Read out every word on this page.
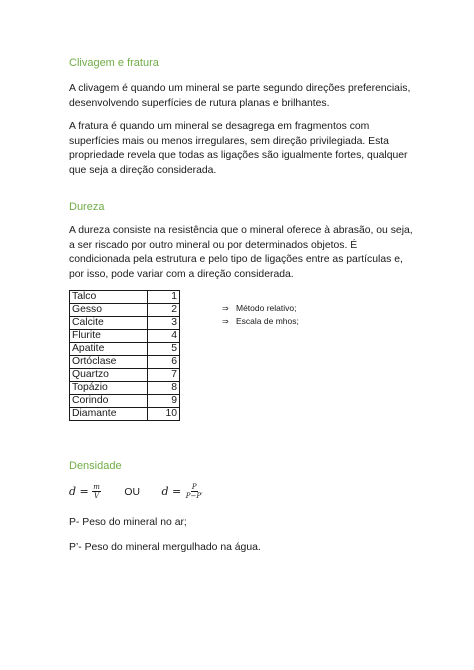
Clivagem e fratura
A clivagem é quando um mineral se parte segundo direções preferenciais,
desenvolvendo superfícies de rutura planas e brilhantes.
A fratura é quando um mineral se desagrega em fragmentos com
superfícies mais ou menos irregulares, sem direção privilegiada. Esta
propriedade revela que todas as ligações são igualmente fortes, qualquer
que seja a direção considerada.
Dureza
A dureza consiste na resistência que o mineral oferece à abrasão, ou seja,
a ser riscado por outro mineral ou por determinados objetos. É
condicionada pela estrutura e pelo tipo de ligações entre as partículas e,
por isso, pode variar com a direção considerada.
Talco	1
Gesso	2
Calcite	3
Flurite	4
Apatite	5
Ortóclase	6
Quartzo	7
Topázio	8
Corindo	9
Diamante	10
⇒ Método relativo;
⇒ Escala de mhos;
Densidade
$d = \frac{m}{V}$ OU $d = \frac{P}{P-P'}$
P- Peso do mineral no ar;
P’- Peso do mineral mergulhado na água.
